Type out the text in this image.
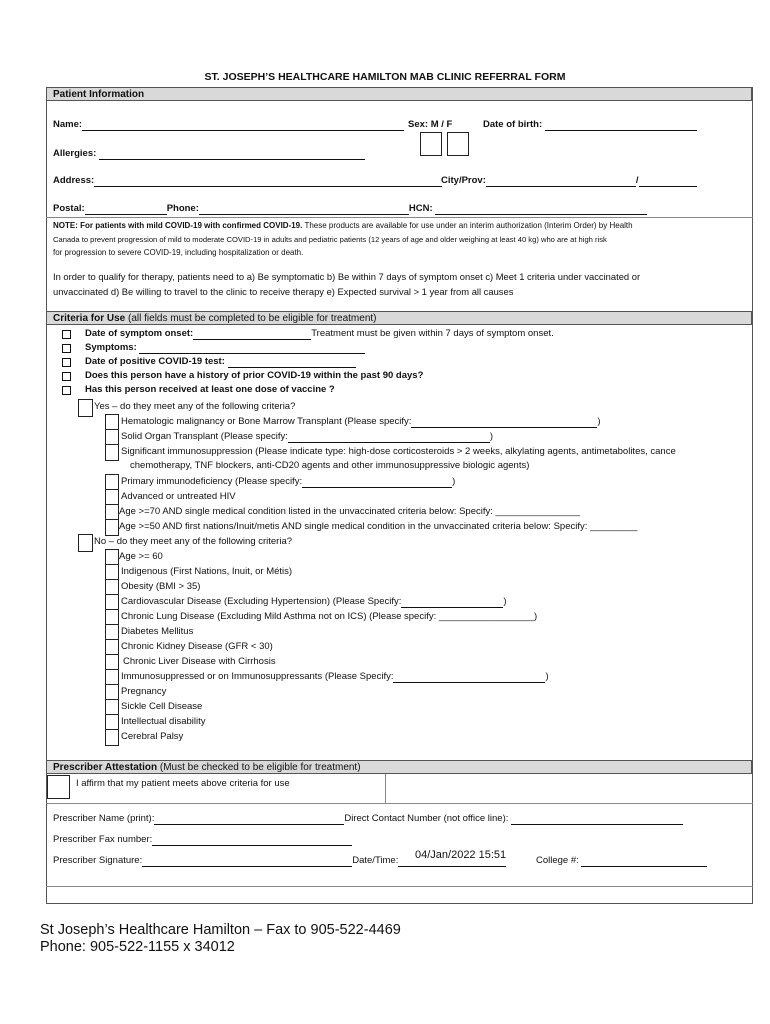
ST. JOSEPH’S HEALTHCARE HAMILTON MAB CLINIC REFERRAL FORM
Patient Information
Name:	Sex: M / F	Date of birth:
Allergies:
Address:	City/Prov:	/
Postal:	Phone:	HCN:
NOTE: For patients with mild COVID-19 with confirmed COVID-19. These products are available for use under an interim authorization (Interim Order) by Health
Canada to prevent progression of mild to moderate COVID-19 in adults and pediatric patients (12 years of age and older weighing at least 40 kg) who are at high risk
for progression to severe COVID-19, including hospitalization or death.
In order to qualify for therapy, patients need to a) Be symptomatic b) Be within 7 days of symptom onset c) Meet 1 criteria under vaccinated or
unvaccinated d) Be willing to travel to the clinic to receive therapy e) Expected survival > 1 year from all causes
Criteria for Use (all fields must be completed to be eligible for treatment)
Date of symptom onset:	Treatment must be given within 7 days of symptom onset.
Symptoms:
Date of positive COVID-19 test:
Does this person have a history of prior COVID-19 within the past 90 days?
Has this person received at least one dose of vaccine ?
Yes – do they meet any of the following criteria?
Hematologic malignancy or Bone Marrow Transplant (Please specify:	)
Solid Organ Transplant (Please specify:	)
Significant immunosuppression (Please indicate type: high-dose corticosteroids > 2 weeks, alkylating agents, antimetabolites, cance
chemotherapy, TNF blockers, anti-CD20 agents and other immunosuppressive biologic agents)
Primary immunodeficiency (Please specify:	)
Advanced or untreated HIV
Age >=70 AND single medical condition listed in the unvaccinated criteria below: Specify: ________________
Age >=50 AND first nations/Inuit/metis AND single medical condition in the unvaccinated criteria below: Specify: _________
No – do they meet any of the following criteria?
Age >= 60
Indigenous (First Nations, Inuit, or Métis)
Obesity (BMI > 35)
Cardiovascular Disease (Excluding Hypertension) (Please Specify:	)
Chronic Lung Disease (Excluding Mild Asthma not on ICS) (Please specify: __________________)
Diabetes Mellitus
Chronic Kidney Disease (GFR < 30)
Chronic Liver Disease with Cirrhosis
Immunosuppressed or on Immunosuppressants (Please Specify:	)
Pregnancy
Sickle Cell Disease
Intellectual disability
Cerebral Palsy
Prescriber Attestation (Must be checked to be eligible for treatment)
I affirm that my patient meets above criteria for use
Prescriber Name (print):	Direct Contact Number (not office line):
Prescriber Fax number:
Prescriber Signature:	Date/Time:	04/Jan/2022 15:51	College #:
St Joseph’s Healthcare Hamilton – Fax to 905-522-4469
Phone: 905-522-1155 x 34012
